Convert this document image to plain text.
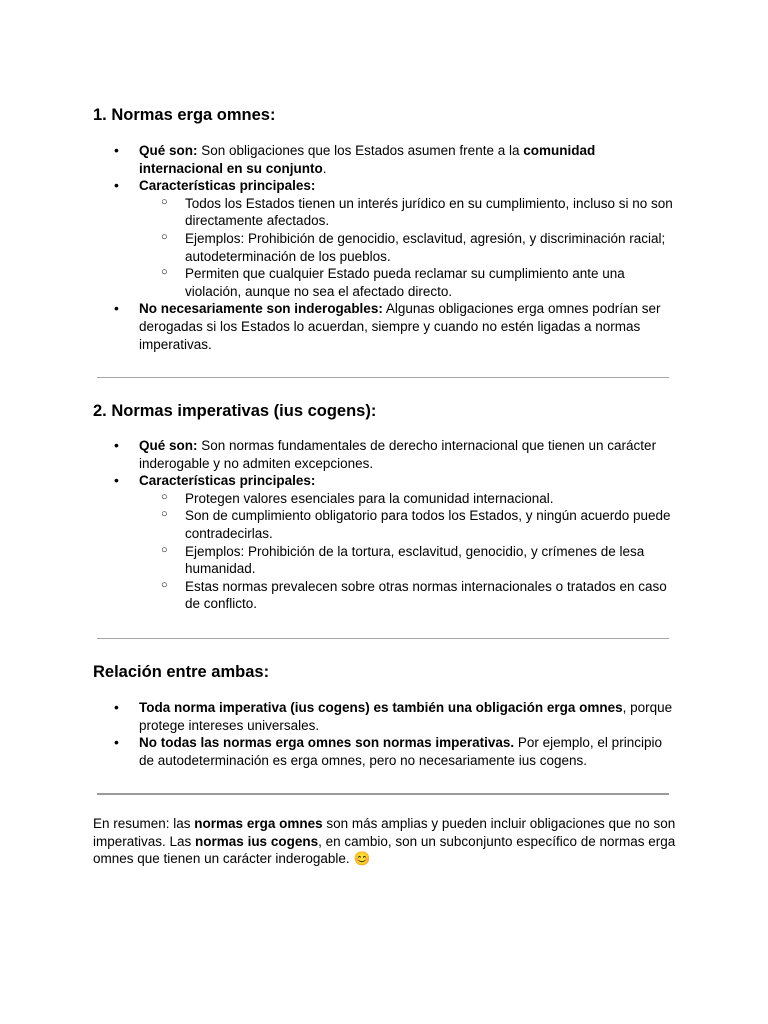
1. Normas erga omnes:
• Qué son: Son obligaciones que los Estados asumen frente a la comunidad internacional en su conjunto.
• Características principales:
○ Todos los Estados tienen un interés jurídico en su cumplimiento, incluso si no son directamente afectados.
○ Ejemplos: Prohibición de genocidio, esclavitud, agresión, y discriminación racial; autodeterminación de los pueblos.
○ Permiten que cualquier Estado pueda reclamar su cumplimiento ante una violación, aunque no sea el afectado directo.
• No necesariamente son inderogables: Algunas obligaciones erga omnes podrían ser derogadas si los Estados lo acuerdan, siempre y cuando no estén ligadas a normas imperativas.
2. Normas imperativas (ius cogens):
• Qué son: Son normas fundamentales de derecho internacional que tienen un carácter inderogable y no admiten excepciones.
• Características principales:
○ Protegen valores esenciales para la comunidad internacional.
○ Son de cumplimiento obligatorio para todos los Estados, y ningún acuerdo puede contradecirlas.
○ Ejemplos: Prohibición de la tortura, esclavitud, genocidio, y crímenes de lesa humanidad.
○ Estas normas prevalecen sobre otras normas internacionales o tratados en caso de conflicto.
Relación entre ambas:
• Toda norma imperativa (ius cogens) es también una obligación erga omnes, porque protege intereses universales.
• No todas las normas erga omnes son normas imperativas. Por ejemplo, el principio de autodeterminación es erga omnes, pero no necesariamente ius cogens.

En resumen: las normas erga omnes son más amplias y pueden incluir obligaciones que no son imperativas. Las normas ius cogens, en cambio, son un subconjunto específico de normas erga omnes que tienen un carácter inderogable. 😊
